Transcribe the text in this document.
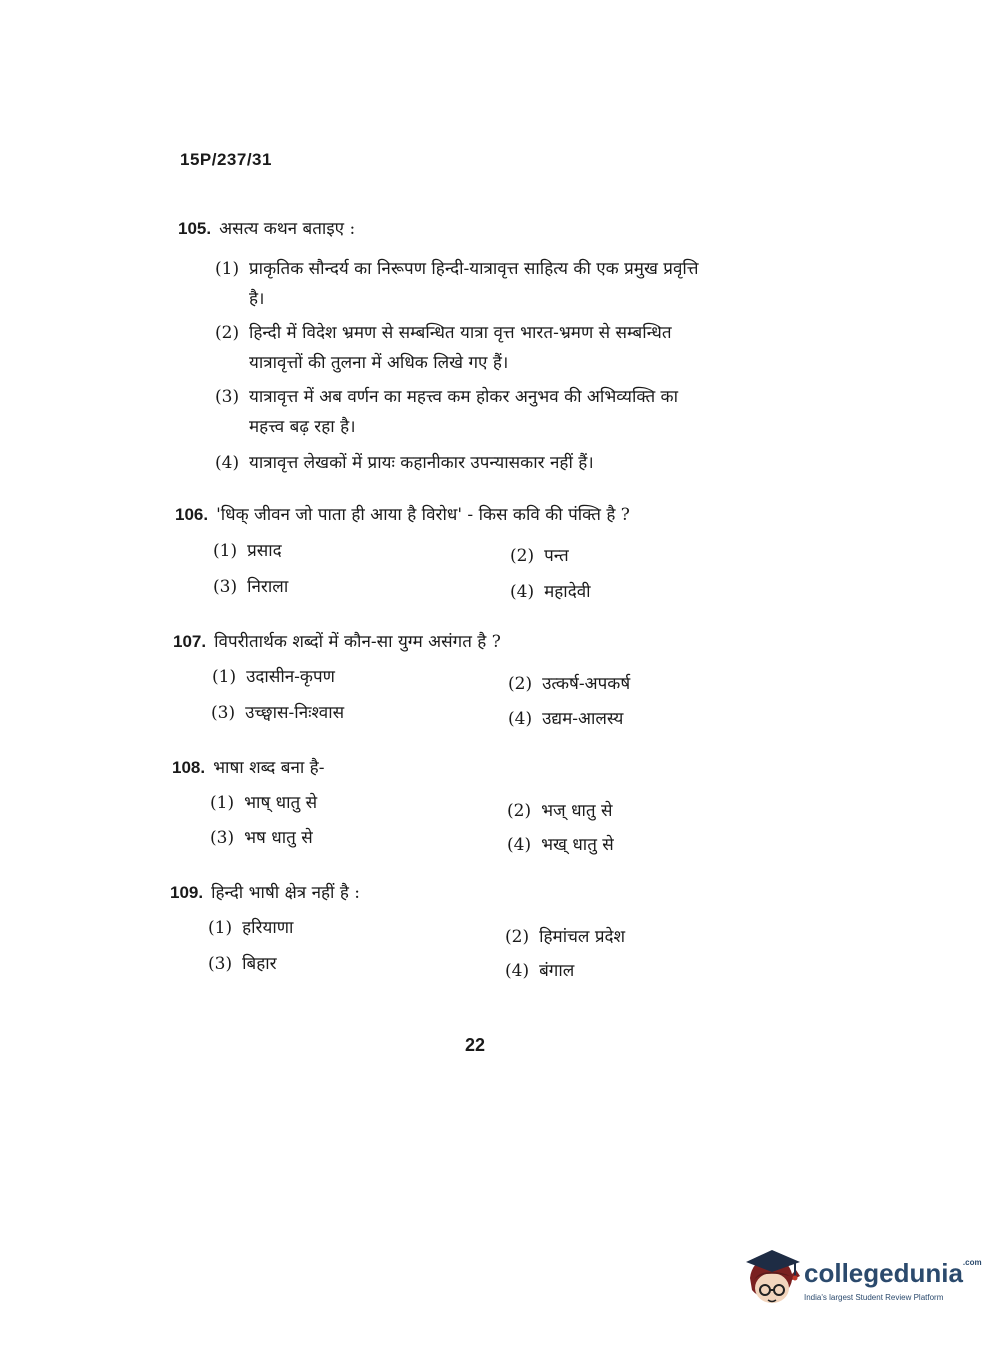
15P/237/31
105. असत्य कथन बताइए :
(1) प्राकृतिक सौन्दर्य का निरूपण हिन्दी-यात्रावृत्त साहित्य की एक प्रमुख प्रवृत्ति
है।
(2) हिन्दी में विदेश भ्रमण से सम्बन्धित यात्रा वृत्त भारत-भ्रमण से सम्बन्धित
यात्रावृत्तों की तुलना में अधिक लिखे गए हैं।
(3) यात्रावृत्त में अब वर्णन का महत्त्व कम होकर अनुभव की अभिव्यक्ति का
महत्त्व बढ़ रहा है।
(4) यात्रावृत्त लेखकों में प्रायः कहानीकार उपन्यासकार नहीं हैं।
106. 'धिक् जीवन जो पाता ही आया है विरोध' - किस कवि की पंक्ति है ?
(1) प्रसाद	(2) पन्त
(3) निराला	(4) महादेवी
107. विपरीतार्थक शब्दों में कौन-सा युग्म असंगत है ?
(1) उदासीन-कृपण	(2) उत्कर्ष-अपकर्ष
(3) उच्छ्वास-निःश्वास	(4) उद्यम-आलस्य
108. भाषा शब्द बना है-
(1) भाष् धातु से	(2) भज् धातु से
(3) भष धातु से	(4) भख् धातु से
109. हिन्दी भाषी क्षेत्र नहीं है :
(1) हरियाणा	(2) हिमांचल प्रदेश
(3) बिहार	(4) बंगाल
22
collegedunia$^{.com}$
India's largest Student Review Platform
